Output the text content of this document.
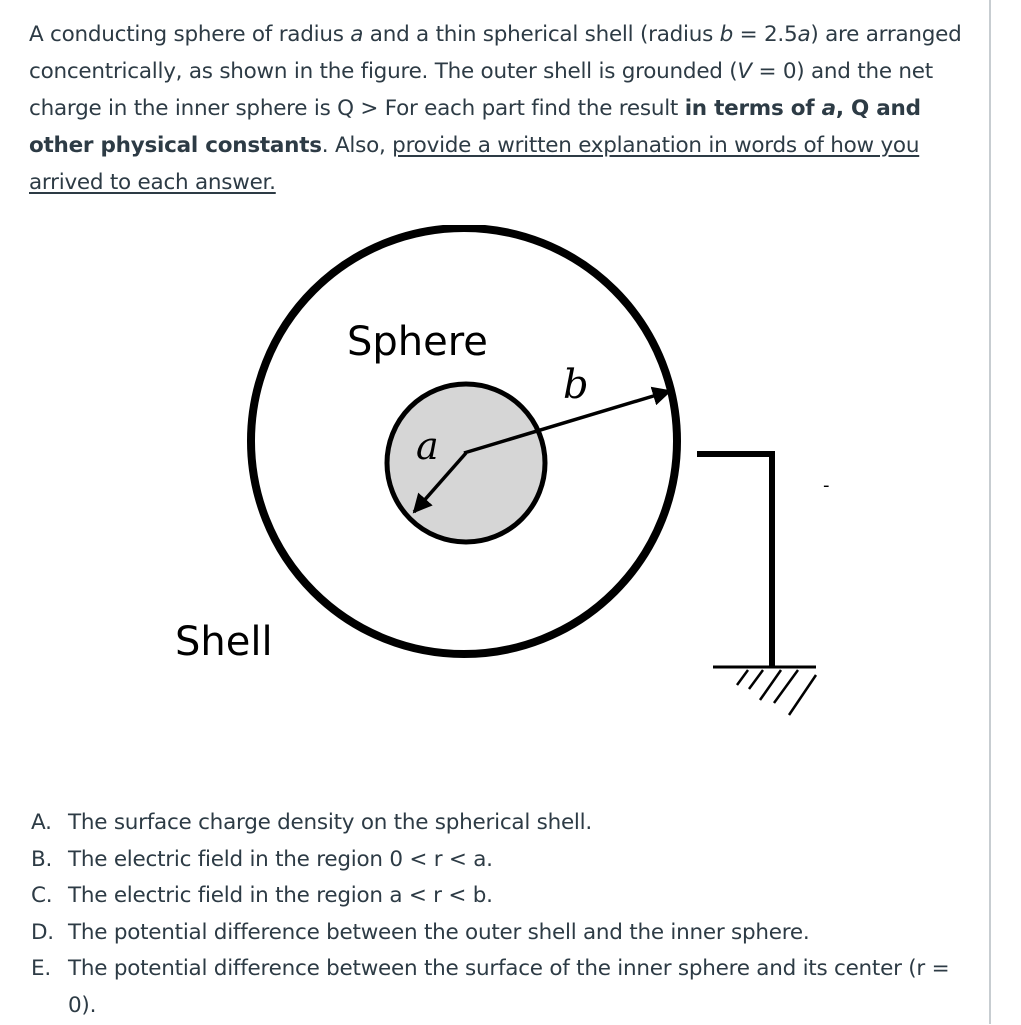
A conducting sphere of radius a and a thin spherical shell (radius b = 2.5a) are arranged concentrically, as shown in the figure. The outer shell is grounded (V = 0) and the net charge in the inner sphere is Q > For each part find the result in terms of a, Q and other physical constants. Also, provide a written explanation in words of how you arrived to each answer.

Sphere
Shell
a
b
-
A. The surface charge density on the spherical shell.
B. The electric field in the region 0 < r < a.
C. The electric field in the region a < r < b.
D. The potential difference between the outer shell and the inner sphere.
E. The potential difference between the surface of the inner sphere and its center (r = 0).
